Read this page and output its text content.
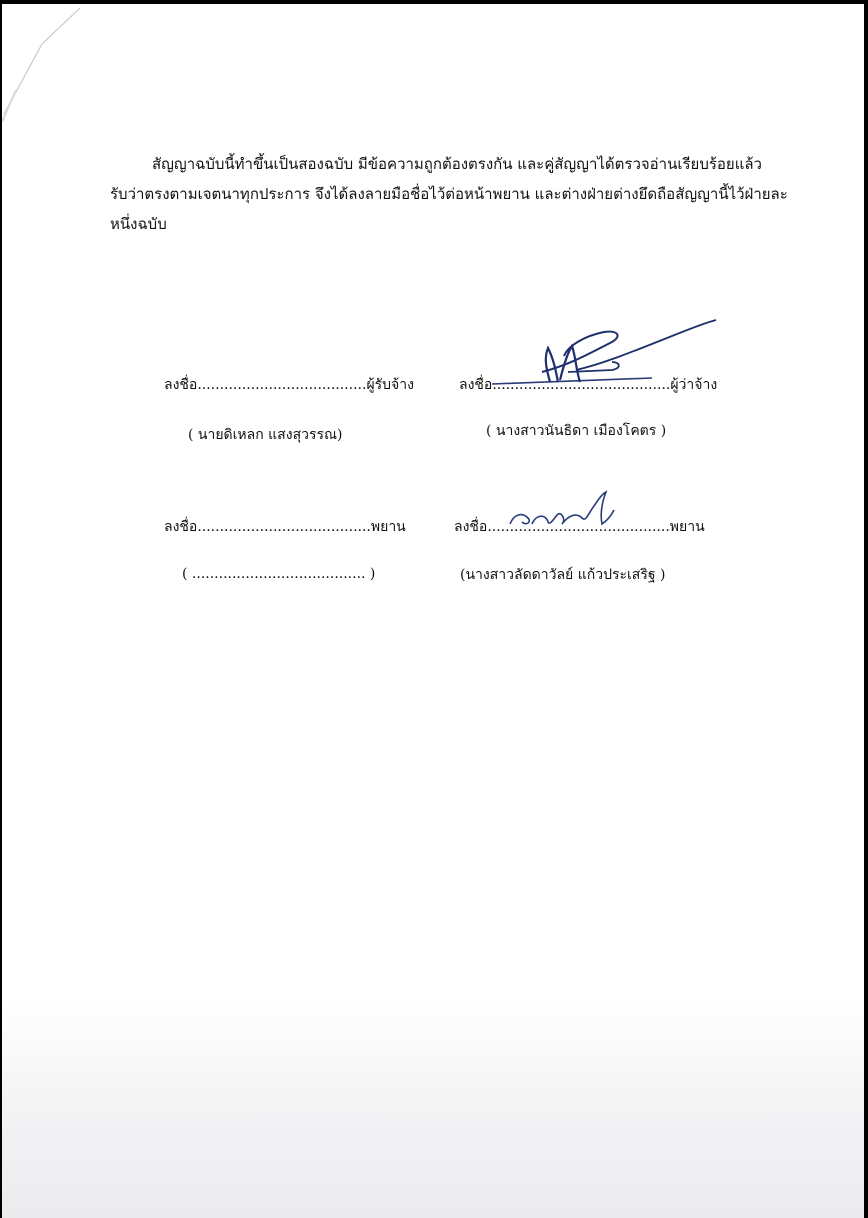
สัญญาฉบับนี้ทำขึ้นเป็นสองฉบับ มีข้อความถูกต้องตรงกัน และคู่สัญญาได้ตรวจอ่านเรียบร้อยแล้ว
รับว่าตรงตามเจตนาทุกประการ จึงได้ลงลายมือชื่อไว้ต่อหน้าพยาน และต่างฝ่ายต่างยึดถือสัญญานี้ไว้ฝ่ายละ
หนึ่งฉบับ
ลงชื่อ......................................ผู้รับจ้าง
( นายดิเหลก แสงสุวรรณ)
ลงชื่อ........................................ผู้ว่าจ้าง
( นางสาวนันธิดา เมืองโคตร )
ลงชื่อ.......................................พยาน
( ....................................... )
ลงชื่อ.........................................พยาน
(นางสาวลัดดาวัลย์ แก้วประเสริฐ )
